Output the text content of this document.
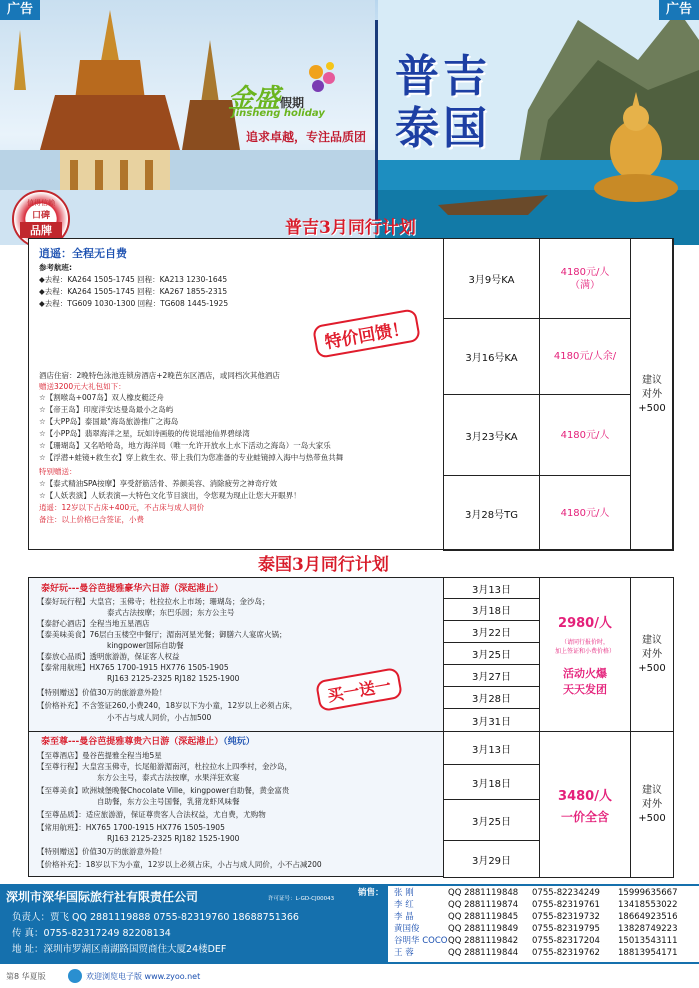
金盛假期
Jinsheng holiday
追求卓越，专注品质团
普吉
泰国
值得信赖
口碑
品牌
广告	广告
普吉3月同行计划
逍遥：全程无自费
参考航班:
◆去程：KA264 1505-1745 回程：KA213 1230-1645
◆去程：KA264 1505-1745 回程：KA267 1855-2315
◆去程：TG609 1030-1300 回程：TG608 1445-1925
特价回馈！
酒店住宿：2晚特色泳池连锁房酒店+2晚芭东区酒店，或同档次其他酒店
赠送3200元大礼包如下：
☆【割喉岛+007岛】双人橡皮艇泛舟
☆【帝王岛】印度洋安达曼岛最小之岛屿
☆【大PP岛】泰国最"海岛旅游推广之海岛
☆【小PP岛】翡翠海洋之星，玩如诗画般的传说瑶池仙界碧绿湾
☆【珊瑚岛】又名哈哈岛，地方海洋局（唯一允许开放水上水下活动之海岛）一岛大家乐
☆【浮潜+蛙镜+救生衣】穿上救生衣、带上我们为您准备的专业蛙镜掉入海中与热带鱼共舞
特别赠送：
☆【泰式精油SPA按摩】享受舒筋活骨、养颜美容、消除疲劳之神奇疗效
☆【人妖表演】人妖表演—大特色文化节目演出，令您观为现止让您大开眼界！
逍遥：12岁以下占床+400元，不占床与成人同价
备注：以上价格已含签证，小费
3月9号KA
4180元/人（满）
3月16号KA	4180元/人余/
3月23号KA	4180元/人
3月28号TG	4180元/人
建议
对外
+500
泰国3月同行计划
泰好玩---曼谷芭提雅豪华六日游（深起港止）
【泰好玩行程】大皇宫；玉佛寺；杜拉拉水上市场；珊瑚岛；金沙岛；
泰式古法按摩；东巴乐园；东方公主号
【泰舒心酒店】全程当地五星酒店
【泰美味美食】76层白玉楼空中餐厅；湄南河星光餐；御膳六人宴席火锅；
kingpower国际自助餐
【泰放心品质】透明旅游游，保证客人权益
【泰常用航班】HX765 1700-1915 HX776 1505-1905
RJ163 2125-2325 RJ182 1525-1900
【特别赠送】价值30万的旅游意外险！
【价格补充】不含签证260,小费240，18岁以下为小童，12岁以上必须占床，
小不占与成人同价，小占加500
买一送一
3月13日
3月18日
3月22日
3月25日
3月27日
3月28日
3月31日
2980/人
（请同行报价时，
加上签证和小费价格）
活动火爆
天天发团
建议
对外
+500
泰至尊---曼谷芭提雅尊贵六日游（深起港止）（纯玩）
【至尊酒店】曼谷芭提雅全程当地5星
【至尊行程】大皇宫玉佛寺，长尾船游湄南河，杜拉拉水上四季村，金沙岛，
东方公主号，泰式古法按摩，水果洋狂欢宴
【至尊美食】欧洲城堡晚餐Chocolate Ville，kingpower自助餐，黄金富贵
自助餐，东方公主号国餐，乳猪龙虾风味餐
【至尊品质】：适应旅游游，保证尊贵客人合法权益，尤自费，尤购物
【常用航班】：HX765 1700-1915 HX776 1505-1905
RJ163 2125-2325 RJ182 1525-1900
【特别赠送】价值30万的旅游意外险！
【价格补充】：18岁以下为小童，12岁以上必须占床，小占与成人同价，小不占减200
3月13日
3月18日
3月25日
3月29日
3480/人
一价全含
建议
对外
+500
深圳市深华国际旅行社有限责任公司	许可证号：L-GD-CJ00043
负责人：贾飞 QQ 2881119888 0755-82319760 18688751366
传 真：0755-82317249 82208134
地 址：深圳市罗湖区南湖路国贸商住大厦24楼DEF
销售： 张 刚	QQ 2881119848 0755-82234249 15999635667
李 红	QQ 2881119874 0755-82319761 13418553022
李 晶	QQ 2881119845 0755-82319732 18664923516
黄国俊	QQ 2881119849 0755-82319795 13828749223
谷明华 COCO QQ 2881119842 0755-82317204 15013543111
王 蓉	QQ 2881119844 0755-82319762 18813954171
第8 华夏版	欢迎浏览电子版 www.zyoo.net
